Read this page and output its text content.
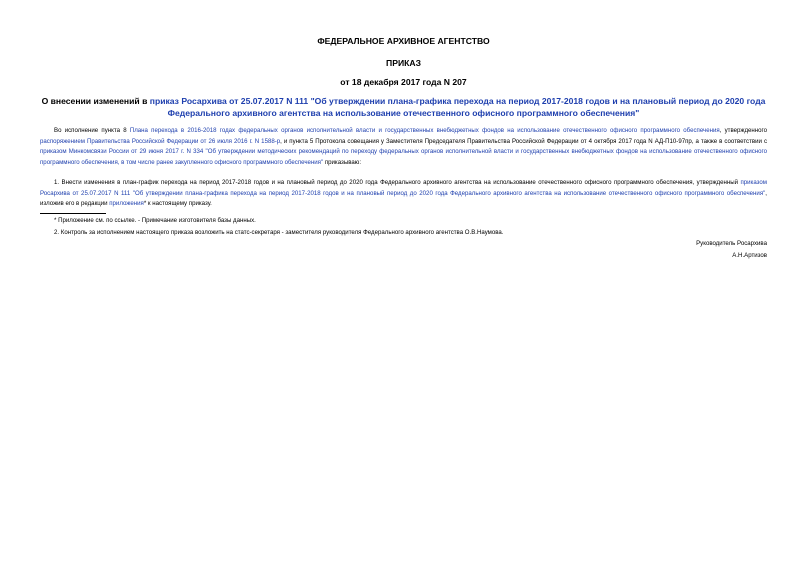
ФЕДЕРАЛЬНОЕ АРХИВНОЕ АГЕНТСТВО
ПРИКАЗ
от 18 декабря 2017 года N 207
О внесении изменений в приказ Росархива от 25.07.2017 N 111 "Об утверждении плана-графика перехода на период 2017-2018 годов и на плановый период до 2020 года Федерального архивного агентства на использование отечественного офисного программного обеспечения"
Во исполнение пункта 8 Плана перехода в 2016-2018 годах федеральных органов исполнительной власти и государственных внебюджетных фондов на использование отечественного офисного программного обеспечения, утвержденного распоряжением Правительства Российской Федерации от 26 июля 2016 г. N 1588-р, и пункта 5 Протокола совещания у Заместителя Председателя Правительства Российской Федерации от 4 октября 2017 года N АД-П10-97пр, а также в соответствии с приказом Минкомсвязи России от 29 июня 2017 г. N 334 "Об утверждении методических рекомендаций по переходу федеральных органов исполнительной власти и государственных внебюджетных фондов на использование отечественного офисного программного обеспечения, в том числе ранее закупленного офисного программного обеспечения" приказываю:
1. Внести изменения в план-график перехода на период 2017-2018 годов и на плановый период до 2020 года Федерального архивного агентства на использование отечественного офисного программного обеспечения, утвержденный приказом Росархива от 25.07.2017 N 111 "Об утверждении плана-графика перехода на период 2017-2018 годов и на плановый период до 2020 года Федерального архивного агентства на использование отечественного офисного программного обеспечения", изложив его в редакции приложения* к настоящему приказу.
* Приложение см. по ссылке. - Примечание изготовителя базы данных.
2. Контроль за исполнением настоящего приказа возложить на статс-секретаря - заместителя руководителя Федерального архивного агентства О.В.Наумова.
Руководитель Росархива
А.Н.Артизов
